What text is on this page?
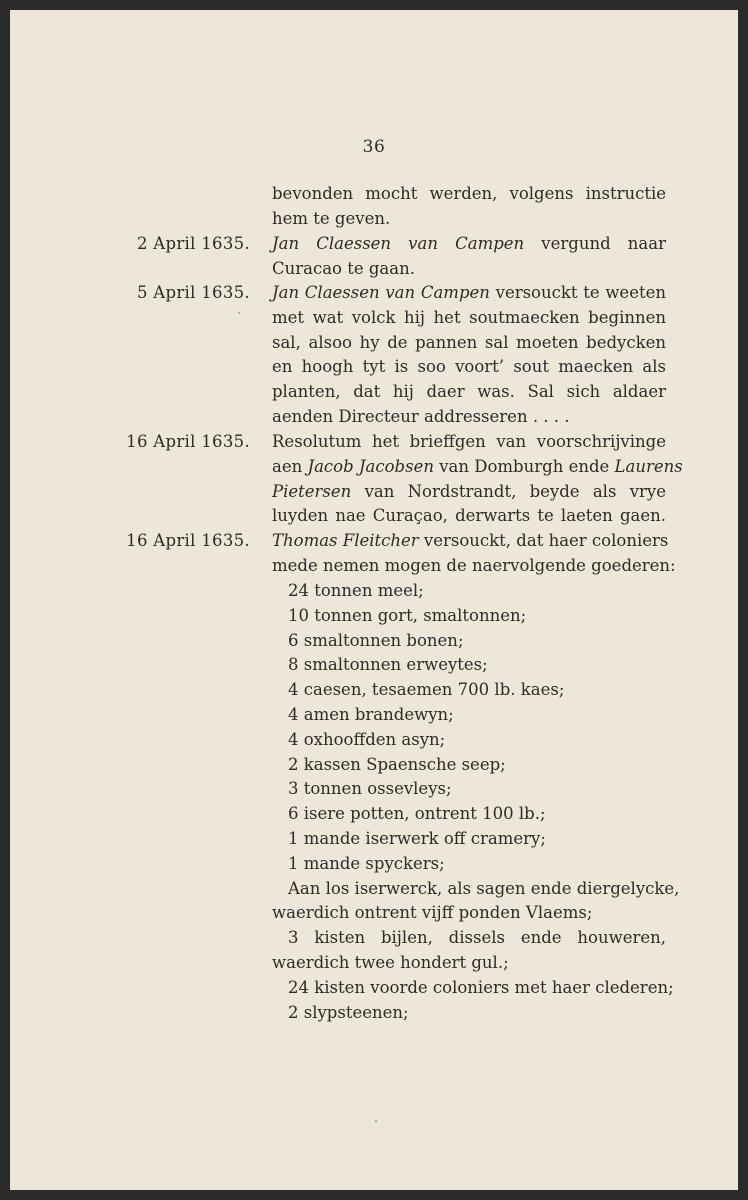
36
bevonden mocht werden, volgens instructie
hem te geven.
2 April 1635. Jan Claessen van Campen vergund naar
Curacao te gaan.
5 April 1635. Jan Claessen van Campen versouckt te weeten
met wat volck hij het soutmaecken beginnen
sal, alsoo hy de pannen sal moeten bedycken
en hoogh tyt is soo voort’ sout maecken als
planten, dat hij daer was. Sal sich aldaer
aenden Directeur addresseren . . . .
16 April 1635. Resolutum het brieffgen van voorschrijvinge
aen Jacob Jacobsen van Domburgh ende Laurens
Pietersen van Nordstrandt, beyde als vrye
luyden nae Curaçao, derwarts te laeten gaen.
16 April 1635. Thomas Fleitcher versouckt, dat haer coloniers
mede nemen mogen de naervolgende goederen:
24 tonnen meel;
10 tonnen gort, smaltonnen;
6 smaltonnen bonen;
8 smaltonnen erweytes;
4 caesen, tesaemen 700 lb. kaes;
4 amen brandewyn;
4 oxhooffden asyn;
2 kassen Spaensche seep;
3 tonnen ossevleys;
6 isere potten, ontrent 100 lb.;
1 mande iserwerk off cramery;
1 mande spyckers;
Aan los iserwerck, als sagen ende diergelycke,
waerdich ontrent vijff ponden Vlaems;
3 kisten bijlen, dissels ende houweren,
waerdich twee hondert gul.;
24 kisten voorde coloniers met haer clederen;
2 slypsteenen;
